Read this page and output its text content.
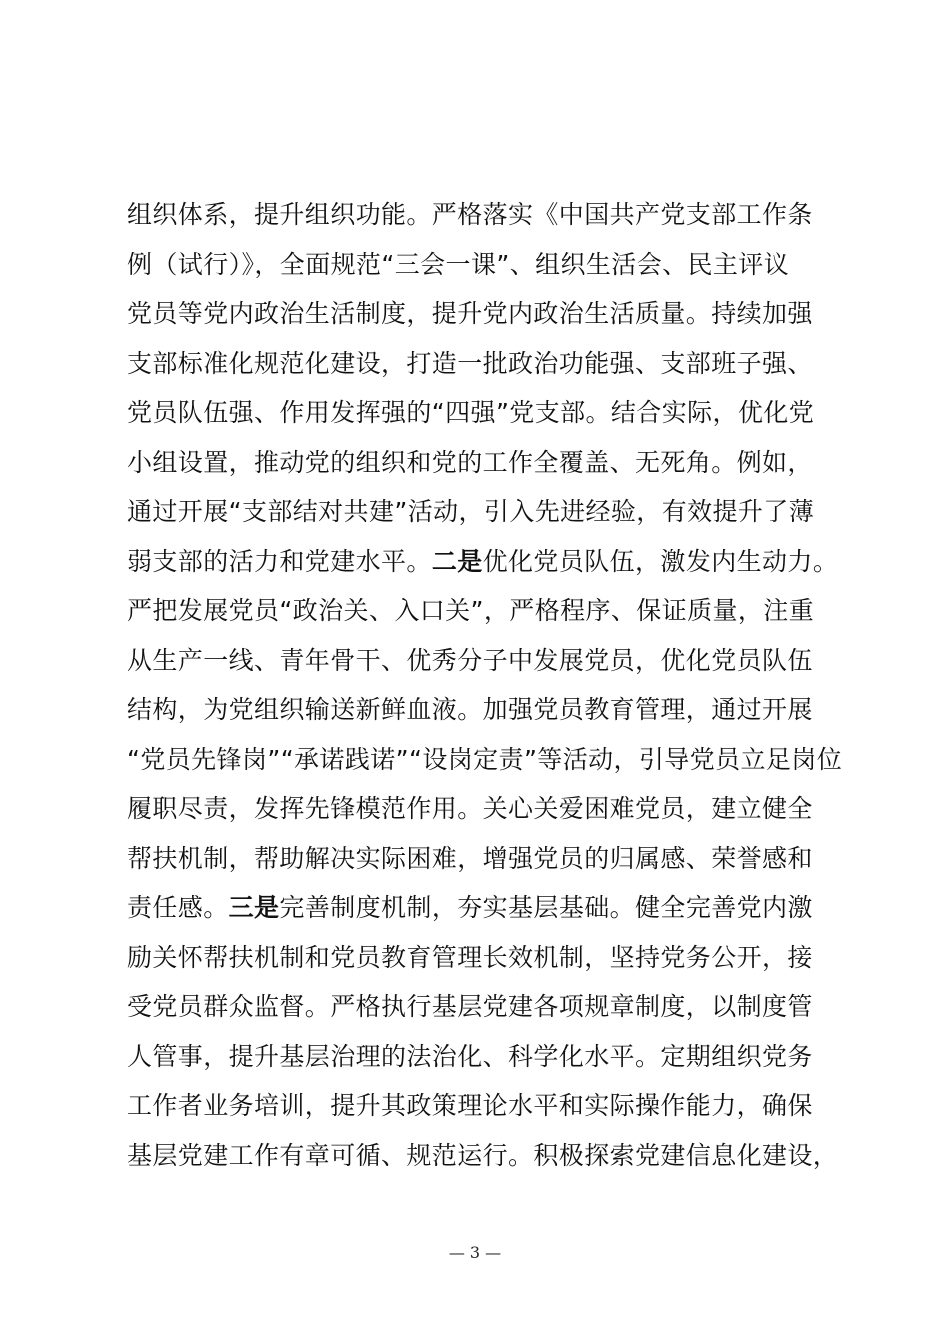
组织体系，提升组织功能。严格落实《中国共产党支部工作条
例（试行）》，全面规范“三会一课”、组织生活会、民主评议
党员等党内政治生活制度，提升党内政治生活质量。持续加强
支部标准化规范化建设，打造一批政治功能强、支部班子强、
党员队伍强、作用发挥强的“四强”党支部。结合实际，优化党
小组设置，推动党的组织和党的工作全覆盖、无死角。例如，
通过开展“支部结对共建”活动，引入先进经验，有效提升了薄
弱支部的活力和党建水平。二是优化党员队伍，激发内生动力。
严把发展党员“政治关、入口关”，严格程序、保证质量，注重
从生产一线、青年骨干、优秀分子中发展党员，优化党员队伍
结构，为党组织输送新鲜血液。加强党员教育管理，通过开展
“党员先锋岗”“承诺践诺”“设岗定责”等活动，引导党员立足岗位
履职尽责，发挥先锋模范作用。关心关爱困难党员，建立健全
帮扶机制，帮助解决实际困难，增强党员的归属感、荣誉感和
责任感。三是完善制度机制，夯实基层基础。健全完善党内激
励关怀帮扶机制和党员教育管理长效机制，坚持党务公开，接
受党员群众监督。严格执行基层党建各项规章制度，以制度管
人管事，提升基层治理的法治化、科学化水平。定期组织党务
工作者业务培训，提升其政策理论水平和实际操作能力，确保
基层党建工作有章可循、规范运行。积极探索党建信息化建设，
— 3 —
